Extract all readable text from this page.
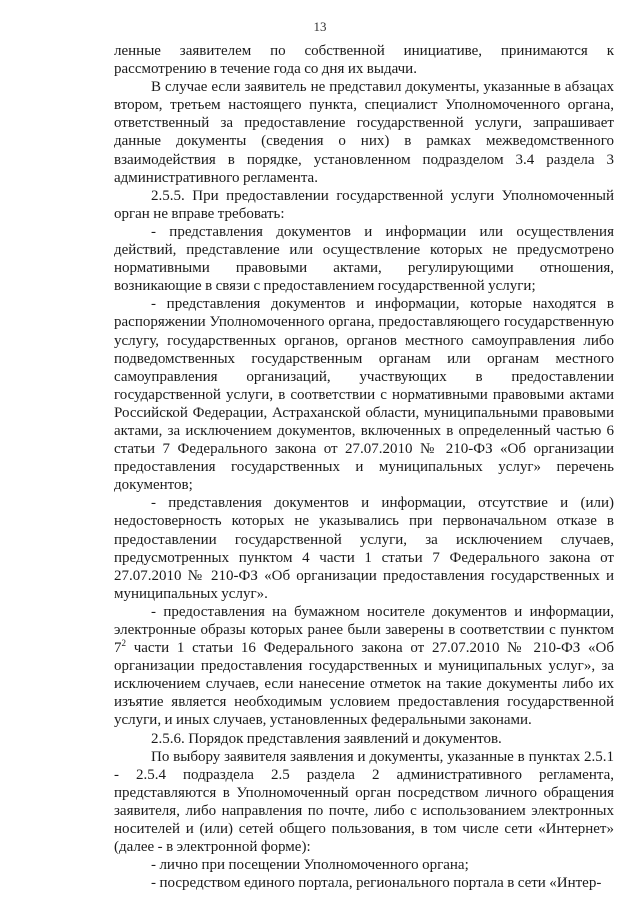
13

ленные заявителем по собственной инициативе, принимаются к рассмотрению в течение года со дня их выдачи.

В случае если заявитель не представил документы, указанные в абзацах втором, третьем настоящего пункта, специалист Уполномоченного органа, ответственный за предоставление государственной услуги, запрашивает данные документы (сведения о них) в рамках межведомственного взаимодействия в порядке, установленном подразделом 3.4 раздела 3 административного регламента.

2.5.5. При предоставлении государственной услуги Уполномоченный орган не вправе требовать:

- представления документов и информации или осуществления действий, представление или осуществление которых не предусмотрено нормативными правовыми актами, регулирующими отношения, возникающие в связи с предоставлением государственной услуги;

- представления документов и информации, которые находятся в распоряжении Уполномоченного органа, предоставляющего государственную услугу, государственных органов, органов местного самоуправления либо подведомственных государственным органам или органам местного самоуправления организаций, участвующих в предоставлении государственной услуги, в соответствии с нормативными правовыми актами Российской Федерации, Астраханской области, муниципальными правовыми актами, за исключением документов, включенных в определенный частью 6 статьи 7 Федерального закона от 27.07.2010 № 210-ФЗ «Об организации предоставления государственных и муниципальных услуг» перечень документов;

- представления документов и информации, отсутствие и (или) недостоверность которых не указывались при первоначальном отказе в предоставлении государственной услуги, за исключением случаев, предусмотренных пунктом 4 части 1 статьи 7 Федерального закона от 27.07.2010 № 210-ФЗ «Об организации предоставления государственных и муниципальных услуг».

- предоставления на бумажном носителе документов и информации, электронные образы которых ранее были заверены в соответствии с пунктом $7^2$ части 1 статьи 16 Федерального закона от 27.07.2010 № 210-ФЗ «Об организации предоставления государственных и муниципальных услуг», за исключением случаев, если нанесение отметок на такие документы либо их изъятие является необходимым условием предоставления государственной услуги, и иных случаев, установленных федеральными законами.

2.5.6. Порядок представления заявлений и документов.

По выбору заявителя заявления и документы, указанные в пунктах 2.5.1 - 2.5.4 подраздела 2.5 раздела 2 административного регламента, представляются в Уполномоченный орган посредством личного обращения заявителя, либо направления по почте, либо с использованием электронных носителей и (или) сетей общего пользования, в том числе сети «Интернет» (далее - в электронной форме):

- лично при посещении Уполномоченного органа;

- посредством единого портала, регионального портала в сети «Интер-
